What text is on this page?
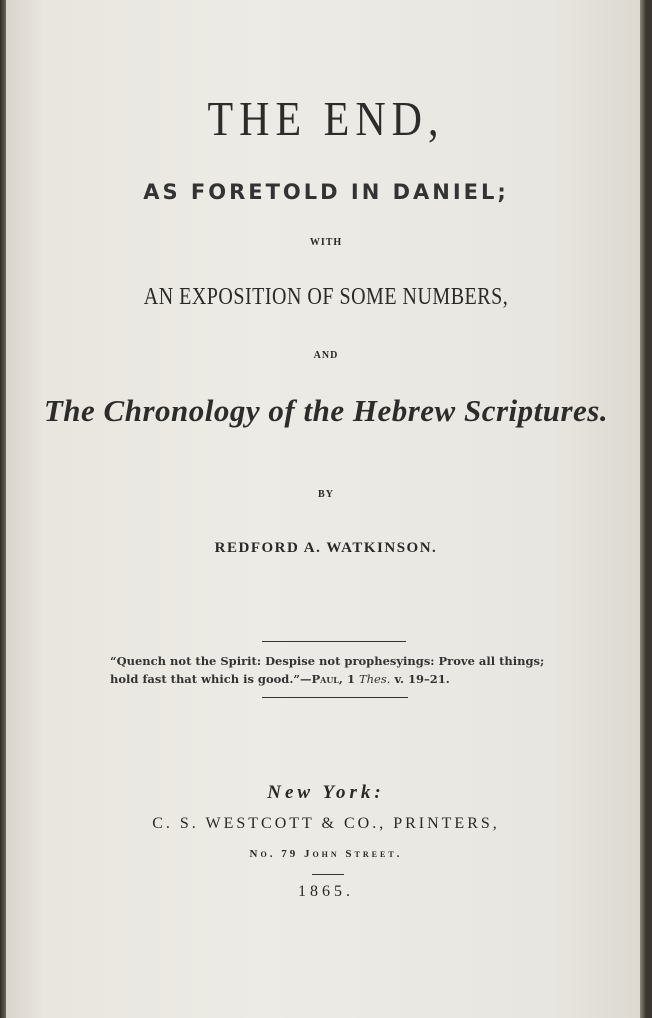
THE END,
AS FORETOLD IN DANIEL;
WITH
AN EXPOSITION OF SOME NUMBERS,
AND
The Chronology of the Hebrew Scriptures.
BY
REDFORD A. WATKINSON.
“Quench not the Spirit: Despise not prophesyings: Prove all things; hold fast that which is good.”—Paul, 1 Thes. v. 19–21.
New York:
C. S. WESTCOTT & CO., PRINTERS,
No. 79 John Street.
1865.
